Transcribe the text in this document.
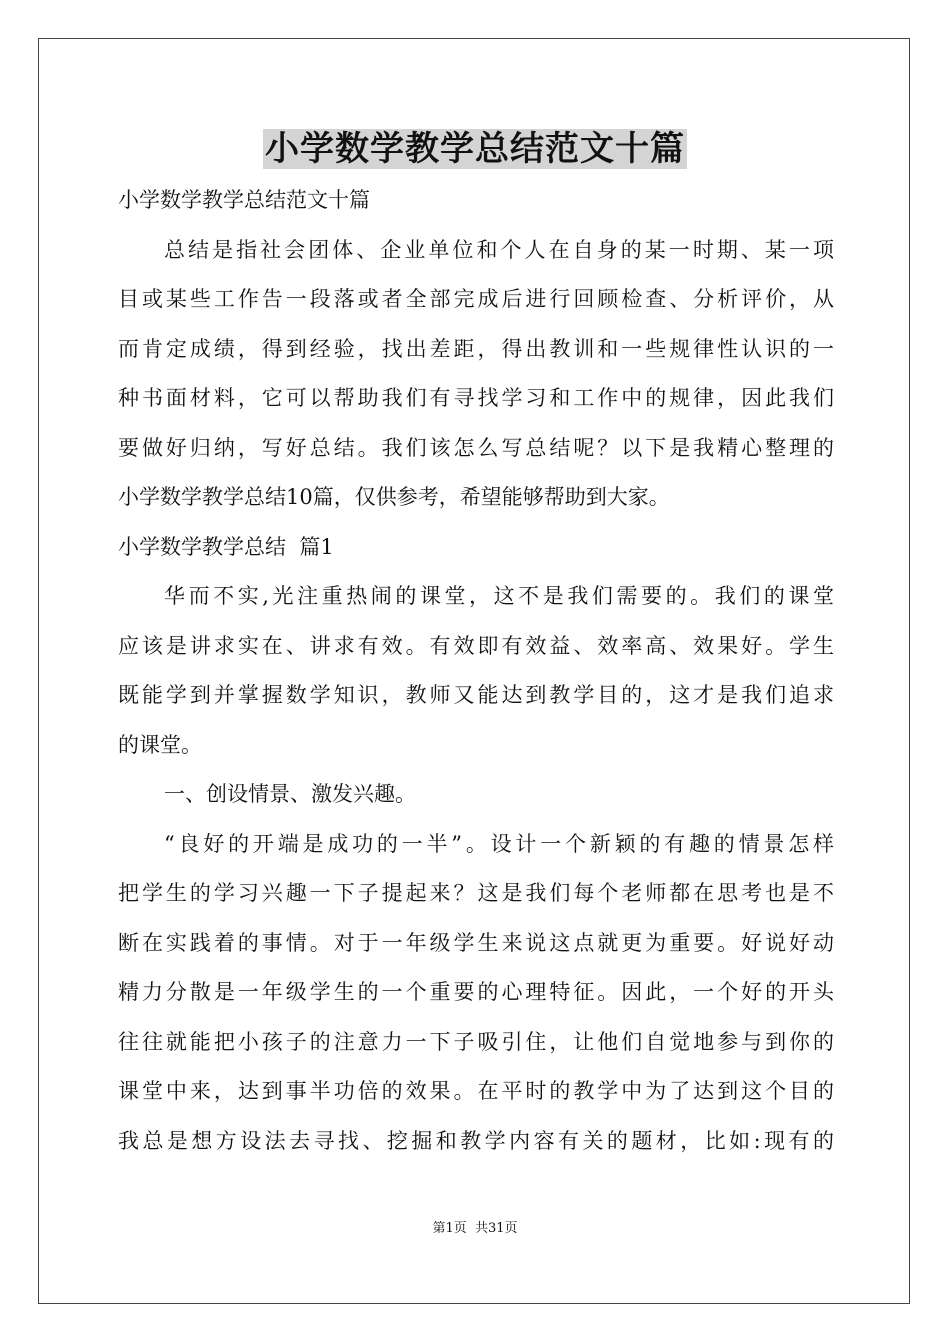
小学数学教学总结范文十篇
小学数学教学总结范文十篇
总结是指社会团体、企业单位和个人在自身的某一时期、某一项
目或某些工作告一段落或者全部完成后进行回顾检查、分析评价，从
而肯定成绩，得到经验，找出差距，得出教训和一些规律性认识的一
种书面材料，它可以帮助我们有寻找学习和工作中的规律，因此我们
要做好归纳，写好总结。我们该怎么写总结呢？以下是我精心整理的
小学数学教学总结10篇，仅供参考，希望能够帮助到大家。
小学数学教学总结  篇1
华而不实,光注重热闹的课堂，这不是我们需要的。我们的课堂
应该是讲求实在、讲求有效。有效即有效益、效率高、效果好。学生
既能学到并掌握数学知识，教师又能达到教学目的，这才是我们追求
的课堂。
一、创设情景、激发兴趣。
“良好的开端是成功的一半”。设计一个新颖的有趣的情景怎样
把学生的学习兴趣一下子提起来？这是我们每个老师都在思考也是不
断在实践着的事情。对于一年级学生来说这点就更为重要。好说好动
精力分散是一年级学生的一个重要的心理特征。因此，一个好的开头
往往就能把小孩子的注意力一下子吸引住，让他们自觉地参与到你的
课堂中来，达到事半功倍的效果。在平时的教学中为了达到这个目的
我总是想方设法去寻找、挖掘和教学内容有关的题材，比如:现有的
第1页  共31页
